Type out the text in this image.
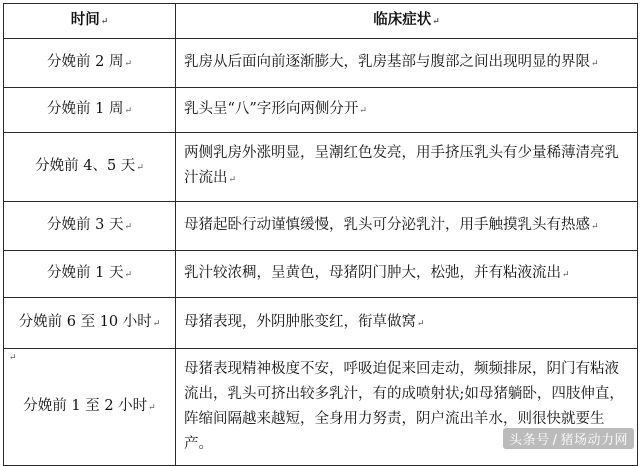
时间↵	临床症状↵
分娩前 2 周↵	乳房从后面向前逐渐膨大，乳房基部与腹部之间出现明显的界限↵
分娩前 1 周↵	乳头呈“八”字形向两侧分开↵
分娩前 4、5 天↵	两侧乳房外涨明显，呈潮红色发亮，用手挤压乳头有少量稀薄清亮乳汁流出↵
分娩前 3 天↵	母猪起卧行动谨慎缓慢，乳头可分泌乳汁，用手触摸乳头有热感↵
分娩前 1 天↵	乳汁较浓稠，呈黄色，母猪阴门肿大，松弛，并有粘液流出↵
分娩前 6 至 10 小时↵	母猪表现，外阴肿胀变红，衔草做窝↵

↵
分娩前 1 至 2 小时↵	母猪表现精神极度不安，呼吸迫促来回走动，频频排尿，阴门有粘液流出，乳头可挤出较多乳汁，有的成喷射状;如母猪躺卧，四肢伸直，阵缩间隔越来越短，全身用力努责，阴户流出羊水，则很快就要生产。	头条号 / 猪场动力网
